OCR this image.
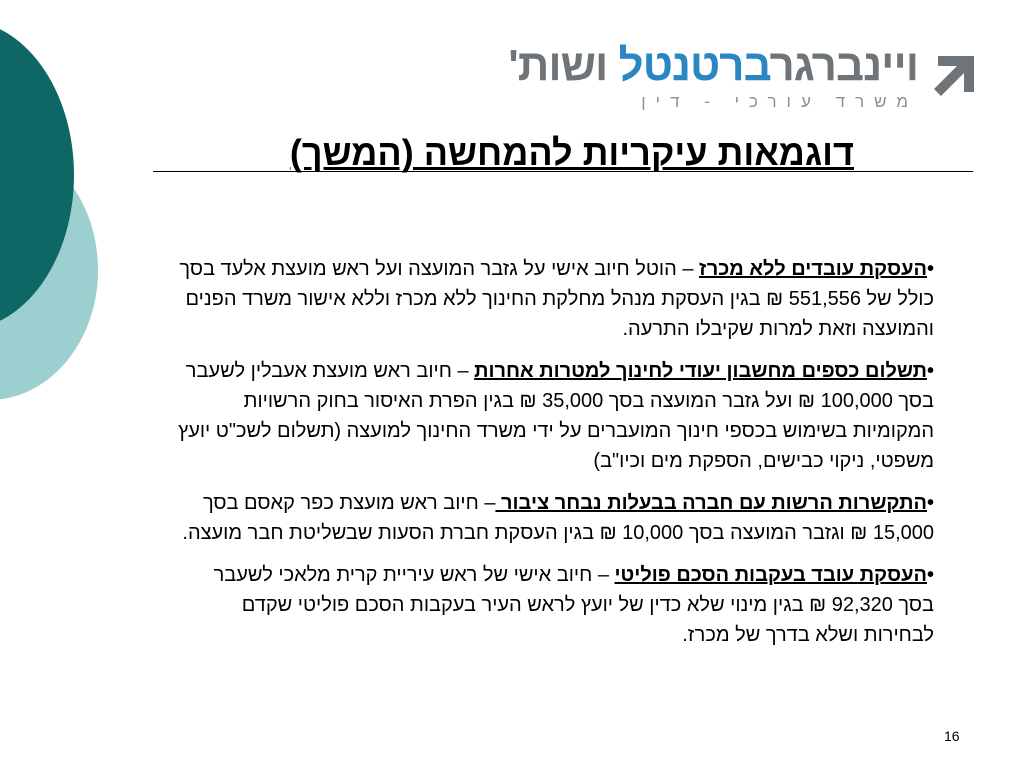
ויינברגרברטנטל ושות'
משרד עורכי - דין
דוגמאות עיקריות להמחשה (המשך)

•העסקת עובדים ללא מכרז – הוטל חיוב אישי על גזבר המועצה ועל ראש מועצת אלעד בסך כולל של 551,556 ₪ בגין העסקת מנהל מחלקת החינוך ללא מכרז וללא אישור משרד הפנים והמועצה וזאת למרות שקיבלו התרעה.

•תשלום כספים מחשבון יעודי לחינוך למטרות אחרות – חיוב ראש מועצת אעבלין לשעבר בסך 100,000 ₪ ועל גזבר המועצה בסך 35,000 ₪ בגין הפרת האיסור בחוק הרשויות המקומיות בשימוש בכספי חינוך המועברים על ידי משרד החינוך למועצה (תשלום לשכ"ט יועץ משפטי, ניקוי כבישים, הספקת מים וכיו"ב)

•התקשרות הרשות עם חברה בבעלות נבחר ציבור – חיוב ראש מועצת כפר קאסם בסך 15,000 ₪ וגזבר המועצה בסך 10,000 ₪ בגין העסקת חברת הסעות שבשליטת חבר מועצה.

•העסקת עובד בעקבות הסכם פוליטי – חיוב אישי של ראש עיריית קרית מלאכי לשעבר בסך 92,320 ₪ בגין מינוי שלא כדין של יועץ לראש העיר בעקבות הסכם פוליטי שקדם לבחירות ושלא בדרך של מכרז.

16
